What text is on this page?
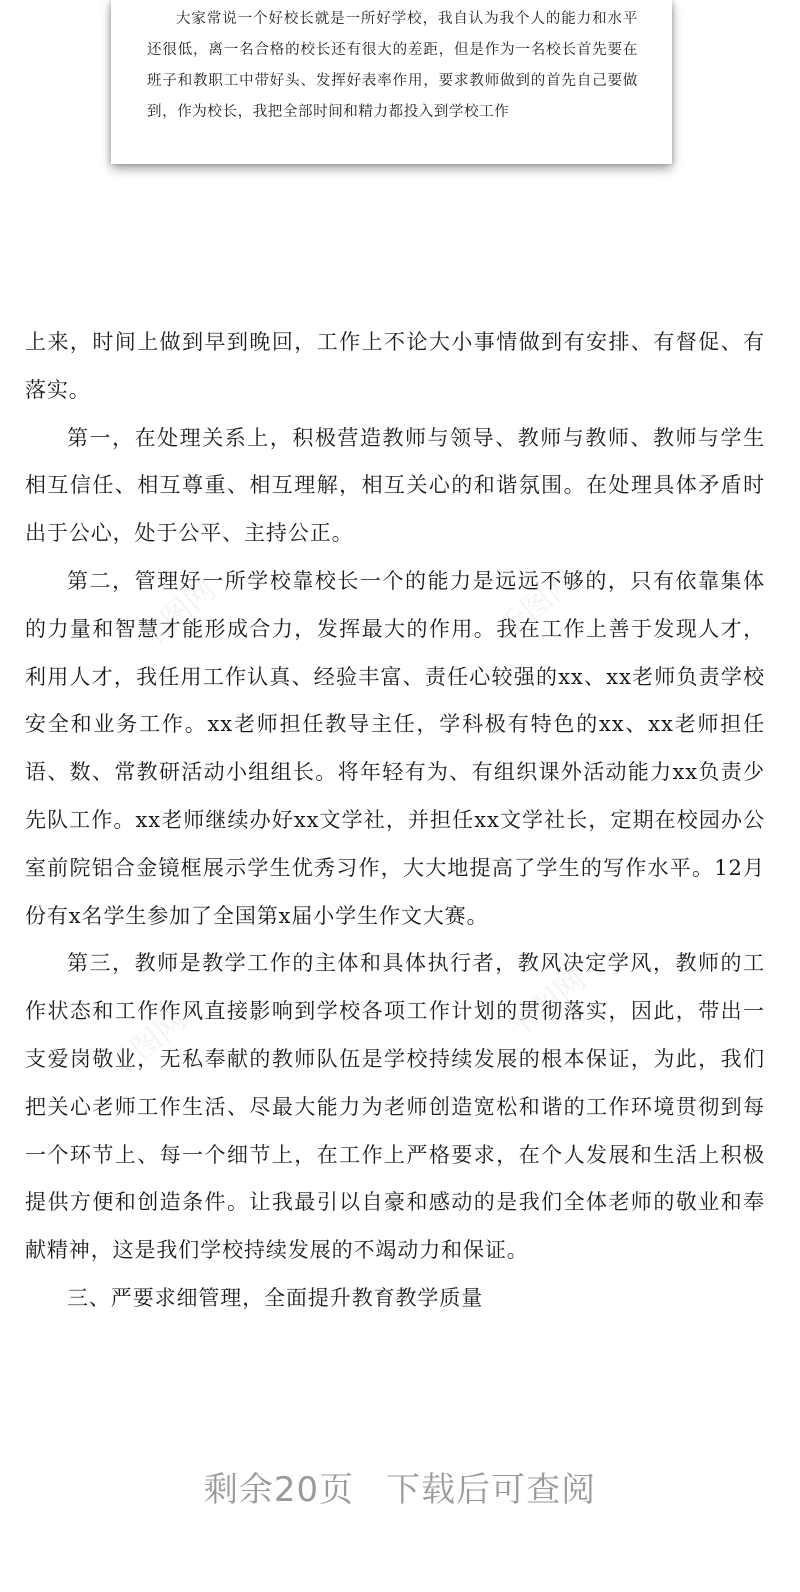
大家常说一个好校长就是一所好学校，我自认为我个人的能力和水平还很低，离一名合格的校长还有很大的差距，但是作为一名校长首先要在班子和教职工中带好头、发挥好表率作用，要求教师做到的首先自己要做到，作为校长，我把全部时间和精力都投入到学校工作

上来，时间上做到早到晚回，工作上不论大小事情做到有安排、有督促、有落实。

第一，在处理关系上，积极营造教师与领导、教师与教师、教师与学生相互信任、相互尊重、相互理解，相互关心的和谐氛围。在处理具体矛盾时出于公心，处于公平、主持公正。

第二，管理好一所学校靠校长一个的能力是远远不够的，只有依靠集体的力量和智慧才能形成合力，发挥最大的作用。我在工作上善于发现人才，利用人才，我任用工作认真、经验丰富、责任心较强的xx、xx老师负责学校安全和业务工作。xx老师担任教导主任，学科极有特色的xx、xx老师担任语、数、常教研活动小组组长。将年轻有为、有组织课外活动能力xx负责少先队工作。xx老师继续办好xx文学社，并担任xx文学社长，定期在校园办公室前院铝合金镜框展示学生优秀习作，大大地提高了学生的写作水平。12月份有x名学生参加了全国第x届小学生作文大赛。

第三，教师是教学工作的主体和具体执行者，教风决定学风，教师的工作状态和工作作风直接影响到学校各项工作计划的贯彻落实，因此，带出一支爱岗敬业，无私奉献的教师队伍是学校持续发展的根本保证，为此，我们把关心老师工作生活、尽最大能力为老师创造宽松和谐的工作环境贯彻到每一个环节上、每一个细节上，在工作上严格要求，在个人发展和生活上积极提供方便和创造条件。让我最引以自豪和感动的是我们全体老师的敬业和奉献精神，这是我们学校持续发展的不竭动力和保证。

三、严要求细管理，全面提升教育教学质量

千图网	千图网
千图网
千图网
剩余20页 下载后可查阅
